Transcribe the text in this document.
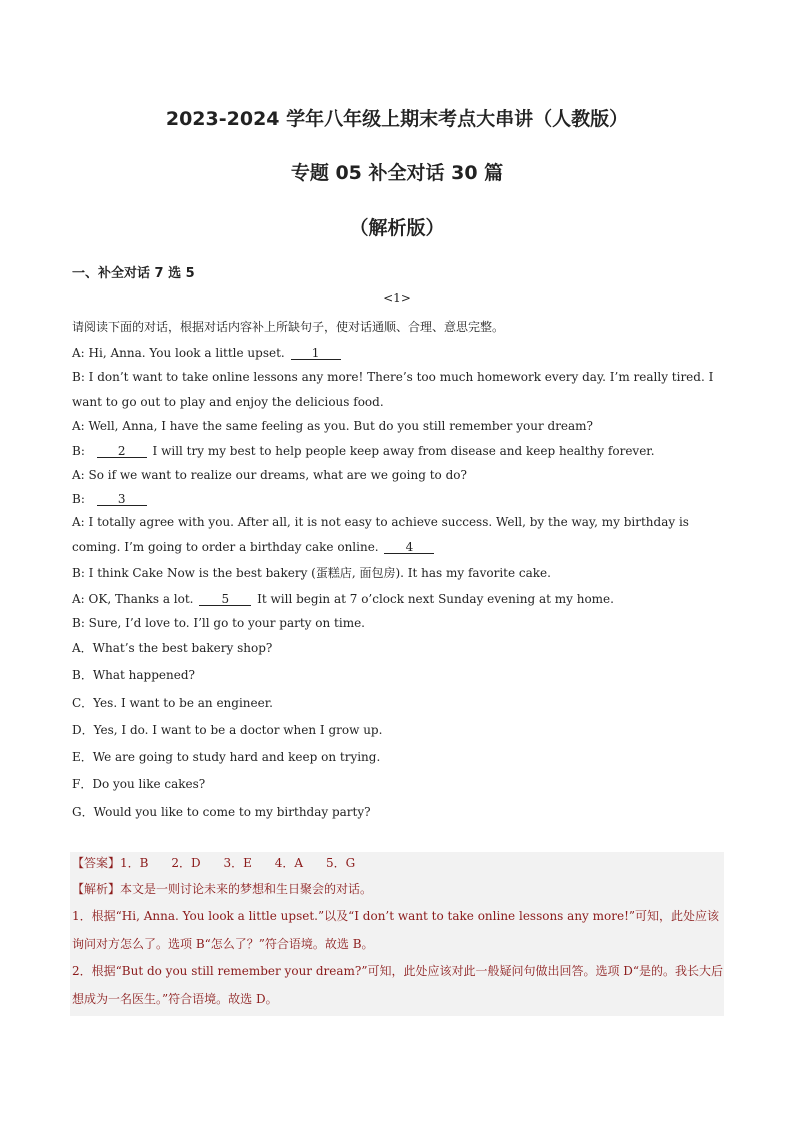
2023-2024 学年八年级上期末考点大串讲（人教版）
专题 05 补全对话 30 篇
（解析版）
一、补全对话 7 选 5
<1>
请阅读下面的对话，根据对话内容补上所缺句子，使对话通顺、合理、意思完整。
A: Hi, Anna. You look a little upset. 1
B: I don’t want to take online lessons any more! There’s too much homework every day. I’m really tired. I want to go out to play and enjoy the delicious food.
A: Well, Anna, I have the same feeling as you. But do you still remember your dream?
B:	2 I will try my best to help people keep away from disease and keep healthy forever.
A: So if we want to realize our dreams, what are we going to do?
B:	3
A: I totally agree with you. After all, it is not easy to achieve success. Well, by the way, my birthday is coming. I’m going to order a birthday cake online. 4
B: I think Cake Now is the best bakery (蛋糕店, 面包房). It has my favorite cake.
A: OK, Thanks a lot. 5 It will begin at 7 o’clock next Sunday evening at my home.
B: Sure, I’d love to. I’ll go to your party on time.
A．What’s the best bakery shop?
B．What happened?
C．Yes. I want to be an engineer.
D．Yes, I do. I want to be a doctor when I grow up.
E．We are going to study hard and keep on trying.
F．Do you like cakes?
G．Would you like to come to my birthday party?
【答案】1．B      2．D      3．E      4．A      5．G
【解析】本文是一则讨论未来的梦想和生日聚会的对话。
1．根据“Hi, Anna. You look a little upset.”以及“I don’t want to take online lessons any more!”可知，此处应该询问对方怎么了。选项 B“怎么了？”符合语境。故选 B。
2．根据“But do you still remember your dream?”可知，此处应该对此一般疑问句做出回答。选项 D“是的。我长大后想成为一名医生。”符合语境。故选 D。
